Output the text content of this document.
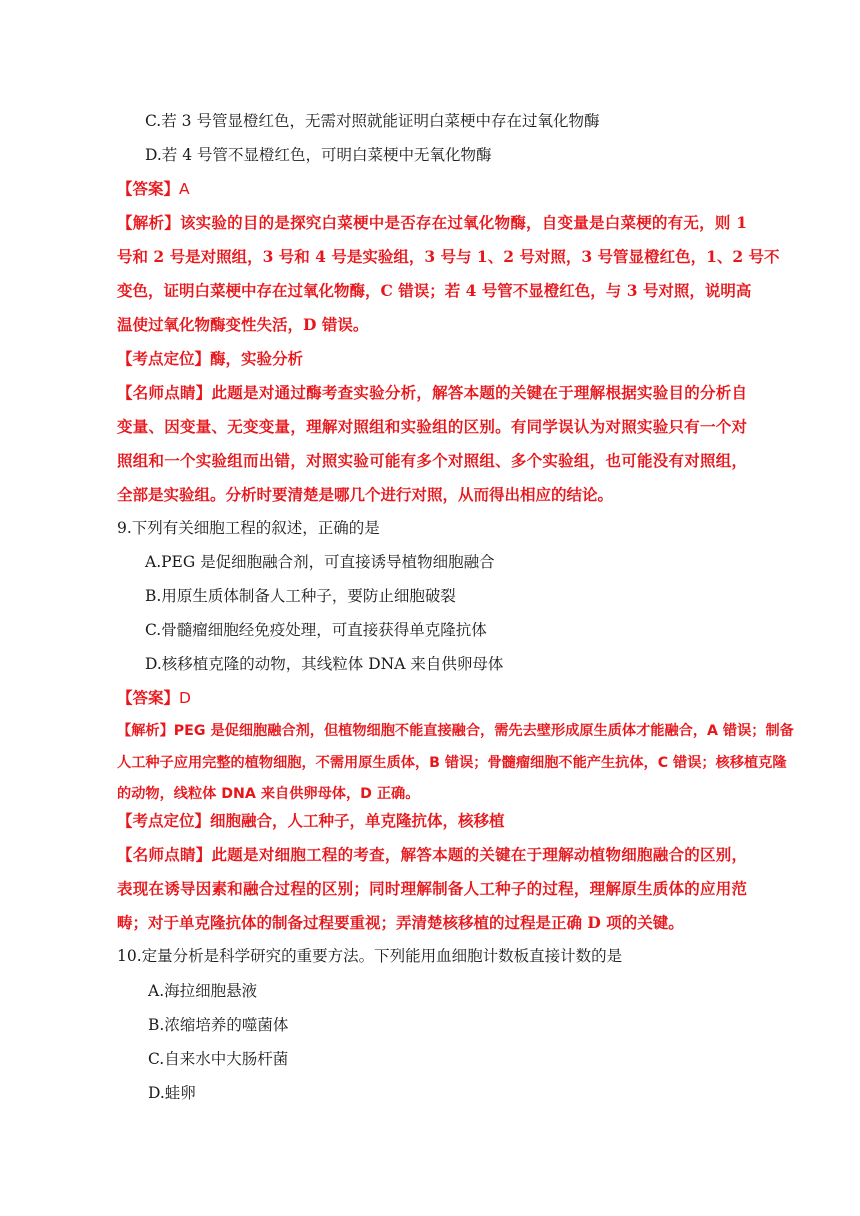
C.若 3 号管显橙红色，无需对照就能证明白菜梗中存在过氧化物酶
D.若 4 号管不显橙红色，可明白菜梗中无氧化物酶
【答案】A
【解析】该实验的目的是探究白菜梗中是否存在过氧化物酶，自变量是白菜梗的有无，则 1
号和 2 号是对照组，3 号和 4 号是实验组，3 号与 1、2 号对照，3 号管显橙红色，1、2 号不
变色，证明白菜梗中存在过氧化物酶，C 错误；若 4 号管不显橙红色，与 3 号对照，说明高
温使过氧化物酶变性失活，D 错误。
【考点定位】酶，实验分析
【名师点睛】此题是对通过酶考查实验分析，解答本题的关键在于理解根据实验目的分析自
变量、因变量、无变变量，理解对照组和实验组的区别。有同学误认为对照实验只有一个对
照组和一个实验组而出错，对照实验可能有多个对照组、多个实验组，也可能没有对照组，
全部是实验组。分析时要清楚是哪几个进行对照，从而得出相应的结论。
9.下列有关细胞工程的叙述，正确的是
A.PEG 是促细胞融合剂，可直接诱导植物细胞融合
B.用原生质体制备人工种子，要防止细胞破裂
C.骨髓瘤细胞经免疫处理，可直接获得单克隆抗体
D.核移植克隆的动物，其线粒体 DNA 来自供卵母体
【答案】D
【解析】PEG 是促细胞融合剂，但植物细胞不能直接融合，需先去壁形成原生质体才能融合，A 错误；制备
人工种子应用完整的植物细胞，不需用原生质体，B 错误；骨髓瘤细胞不能产生抗体，C 错误；核移植克隆
的动物，线粒体 DNA 来自供卵母体，D 正确。
【考点定位】细胞融合，人工种子，单克隆抗体，核移植
【名师点睛】此题是对细胞工程的考查，解答本题的关键在于理解动植物细胞融合的区别，
表现在诱导因素和融合过程的区别；同时理解制备人工种子的过程，理解原生质体的应用范
畴；对于单克隆抗体的制备过程要重视；弄清楚核移植的过程是正确 D 项的关键。
10.定量分析是科学研究的重要方法。下列能用血细胞计数板直接计数的是
A.海拉细胞悬液
B.浓缩培养的噬菌体
C.自来水中大肠杆菌
D.蛙卵
